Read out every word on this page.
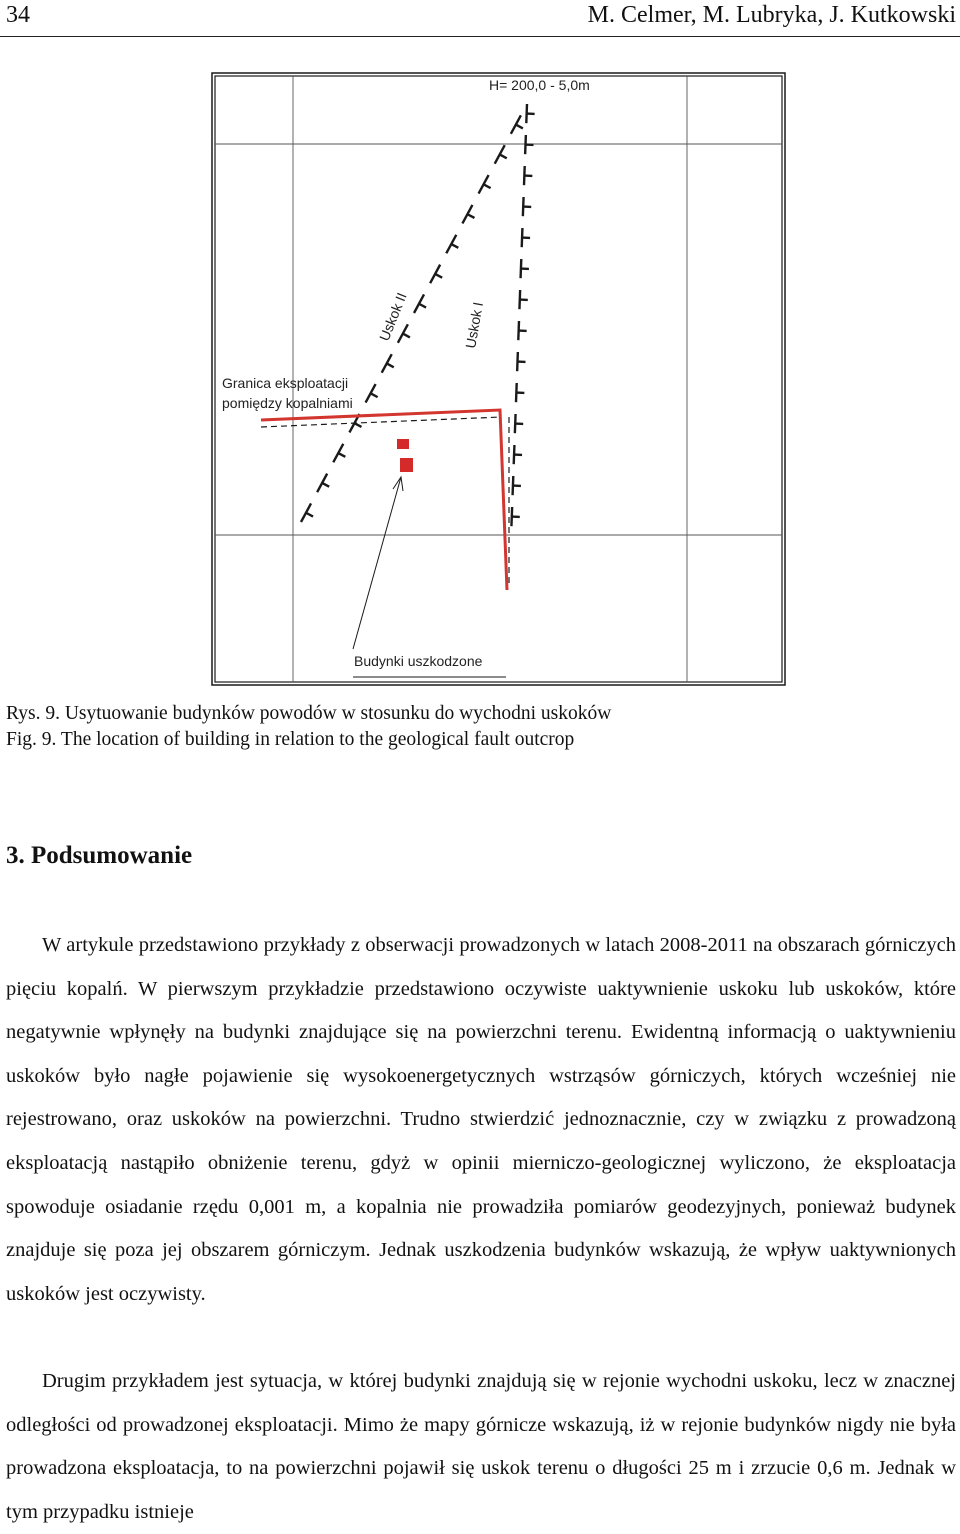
34	M. Celmer, M. Lubryka, J. Kutkowski
H= 200,0 - 5,0m
Uskok II	Uskok I
Granica eksploatacji
pomiędzy kopalniami
Budynki uszkodzone
Rys. 9. Usytuowanie budynków powodów w stosunku do wychodni uskoków
Fig. 9. The location of building in relation to the geological fault outcrop
3. Podsumowanie

W artykule przedstawiono przykłady z obserwacji prowadzonych w latach 2008-2011 na obszarach górniczych pięciu kopalń. W pierwszym przykładzie przedstawiono oczywiste uaktywnienie uskoku lub uskoków, które negatywnie wpłynęły na budynki znajdujące się na powierzchni terenu. Ewidentną informacją o uaktywnieniu uskoków było nagłe pojawienie się wysokoenergetycznych wstrząsów górniczych, których wcześniej nie rejestrowano, oraz uskoków na powierzchni. Trudno stwierdzić jednoznacznie, czy w związku z prowadzoną eksploatacją nastąpiło obniżenie terenu, gdyż w opinii mierniczo-geologicznej wyliczono, że eksploatacja spowoduje osiadanie rzędu 0,001 m, a kopalnia nie prowadziła pomiarów geodezyjnych, ponieważ budynek znajduje się poza jej obszarem górniczym. Jednak uszkodzenia budynków wskazują, że wpływ uaktywnionych uskoków jest oczywisty.

Drugim przykładem jest sytuacja, w której budynki znajdują się w rejonie wychodni uskoku, lecz w znacznej odległości od prowadzonej eksploatacji. Mimo że mapy górnicze wskazują, iż w rejonie budynków nigdy nie była prowadzona eksploatacja, to na powierzchni pojawił się uskok terenu o długości 25 m i zrzucie 0,6 m. Jednak w tym przypadku istnieje
